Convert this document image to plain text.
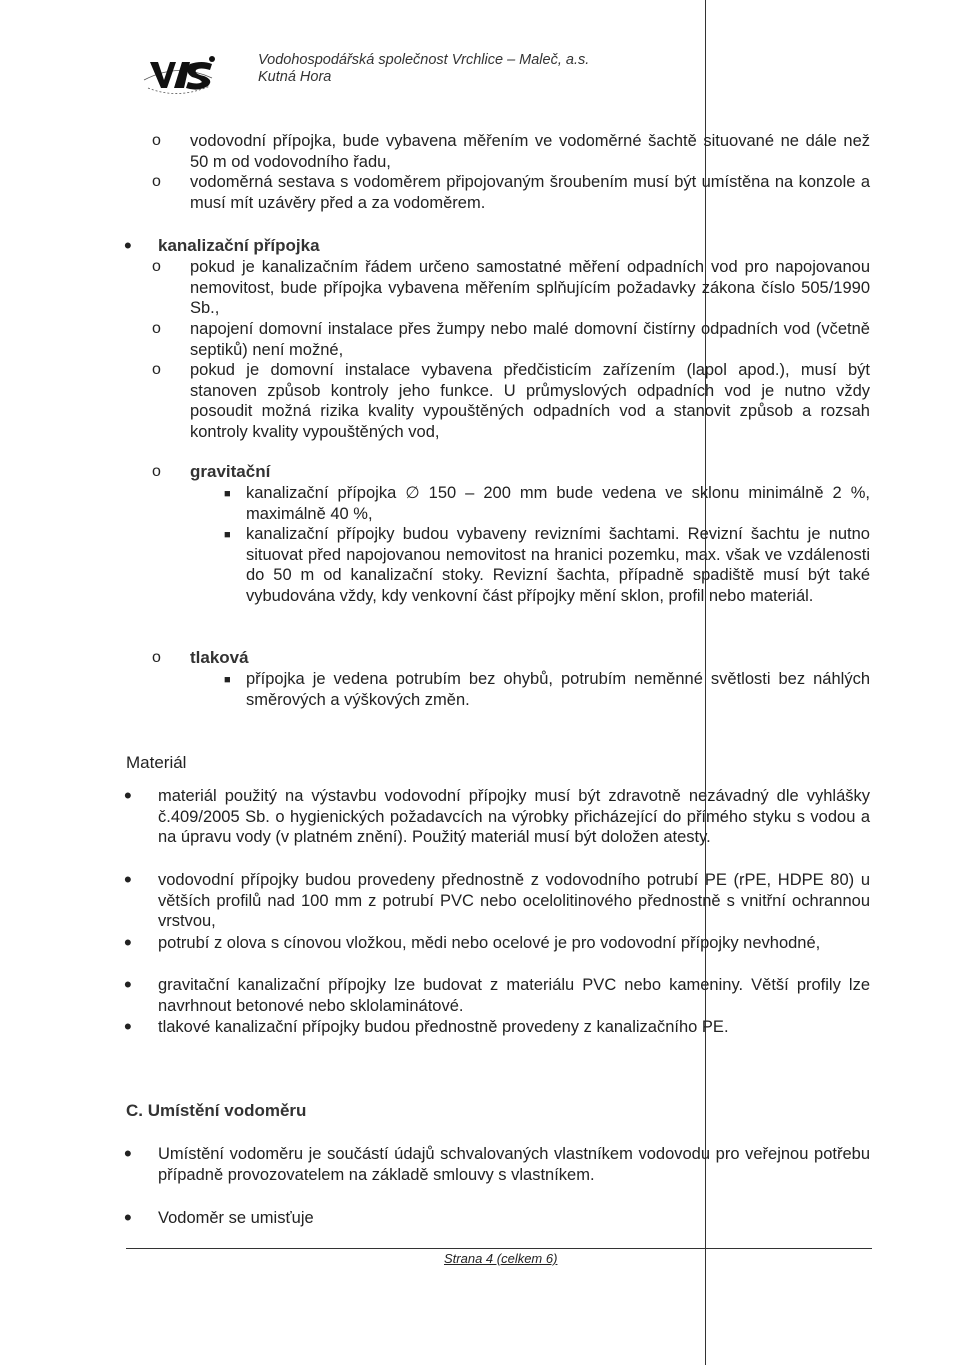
Vodohospodářská společnost Vrchlice – Maleč, a.s.
Kutná Hora
o vodovodní přípojka, bude vybavena měřením ve vodoměrné šachtě situované ne dále než 50 m od vodovodního řadu,
o vodoměrná sestava s vodoměrem připojovaným šroubením musí být umístěna na konzole a musí mít uzávěry před a za vodoměrem.
• kanalizační přípojka
o pokud je kanalizačním řádem určeno samostatné měření odpadních vod pro napojovanou nemovitost, bude přípojka vybavena měřením splňujícím požadavky zákona číslo 505/1990 Sb.,
o napojení domovní instalace přes žumpy nebo malé domovní čistírny odpadních vod (včetně septiků) není možné,
o pokud je domovní instalace vybavena předčisticím zařízením (lapol apod.), musí být stanoven způsob kontroly jeho funkce. U průmyslových odpadních vod je nutno vždy posoudit možná rizika kvality vypouštěných odpadních vod a stanovit způsob a rozsah kontroly kvality vypouštěných vod,
o gravitační
■ kanalizační přípojka ∅ 150 – 200 mm bude vedena ve sklonu minimálně 2 %, maximálně 40 %,
■ kanalizační přípojky budou vybaveny revizními šachtami. Revizní šachtu je nutno situovat před napojovanou nemovitost na hranici pozemku, max. však ve vzdálenosti do 50 m od kanalizační stoky. Revizní šachta, případně spadiště musí být také vybudována vždy, kdy venkovní část přípojky mění sklon, profil nebo materiál.
o tlaková
■ přípojka je vedena potrubím bez ohybů, potrubím neměnné světlosti bez náhlých směrových a výškových změn.
Materiál
• materiál použitý na výstavbu vodovodní přípojky musí být zdravotně nezávadný dle vyhlášky č.409/2005 Sb. o hygienických požadavcích na výrobky přicházející do přímého styku s vodou a na úpravu vody (v platném znění). Použitý materiál musí být doložen atesty.
• vodovodní přípojky budou provedeny přednostně z vodovodního potrubí PE (rPE, HDPE 80) u větších profilů nad 100 mm z potrubí PVC nebo ocelolitinového přednostně s vnitřní ochrannou vrstvou,
• potrubí z olova s cínovou vložkou, mědi nebo ocelové je pro vodovodní přípojky nevhodné,
• gravitační kanalizační přípojky lze budovat z materiálu PVC nebo kameniny. Větší profily lze navrhnout betonové nebo sklolaminátové.
• tlakové kanalizační přípojky budou přednostně provedeny z kanalizačního PE.
C. Umístění vodoměru
• Umístění vodoměru je součástí údajů schvalovaných vlastníkem vodovodu pro veřejnou potřebu případně provozovatelem na základě smlouvy s vlastníkem.
• Vodoměr se umisťuje
Strana 4 (celkem 6)
